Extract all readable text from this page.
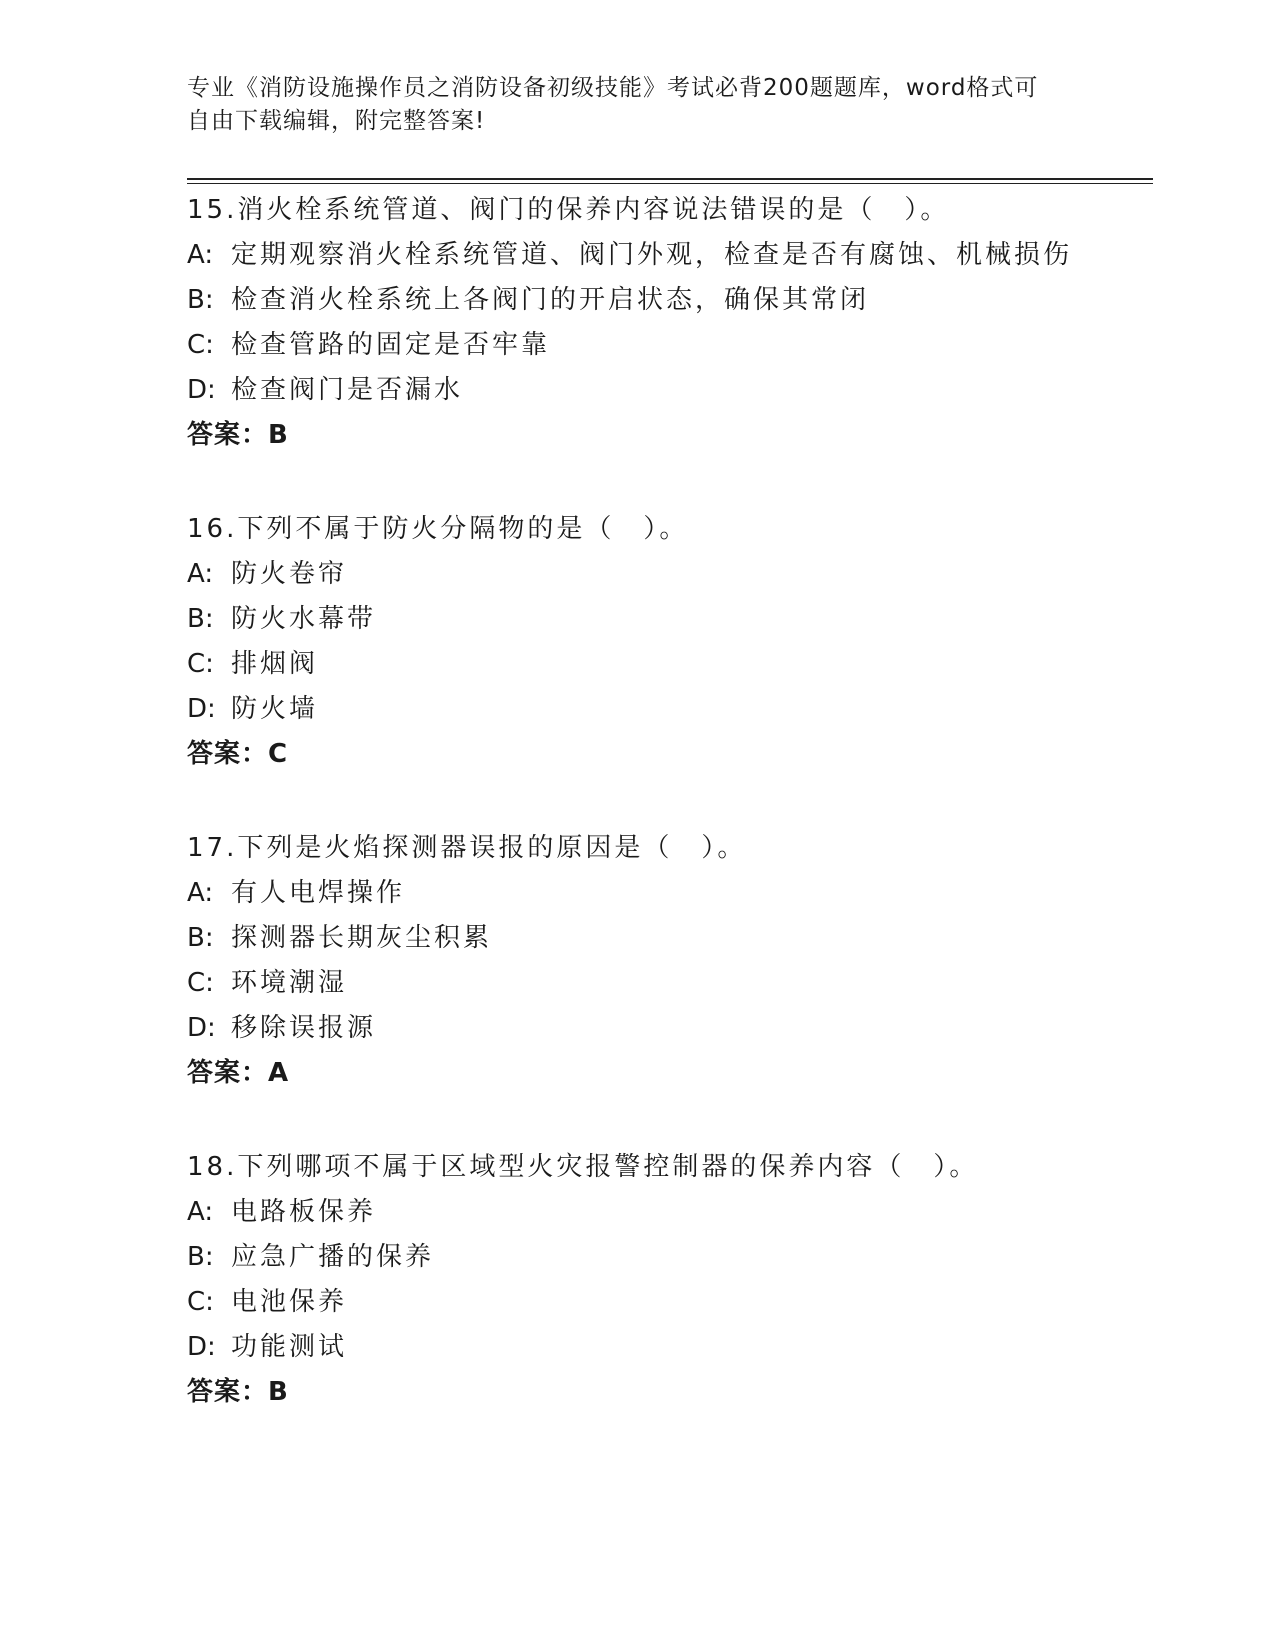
专业《消防设施操作员之消防设备初级技能》考试必背200题题库，word格式可
自由下载编辑，附完整答案!
15.消火栓系统管道、阀门的保养内容说法错误的是（　）。
A: 定期观察消火栓系统管道、阀门外观，检查是否有腐蚀、机械损伤
B: 检查消火栓系统上各阀门的开启状态，确保其常闭
C: 检查管路的固定是否牢靠
D: 检查阀门是否漏水
答案：B
16.下列不属于防火分隔物的是（　）。
A: 防火卷帘
B: 防火水幕带
C: 排烟阀
D: 防火墙
答案：C
17.下列是火焰探测器误报的原因是（　）。
A: 有人电焊操作
B: 探测器长期灰尘积累
C: 环境潮湿
D: 移除误报源
答案：A
18.下列哪项不属于区域型火灾报警控制器的保养内容（　）。
A: 电路板保养
B: 应急广播的保养
C: 电池保养
D: 功能测试
答案：B
